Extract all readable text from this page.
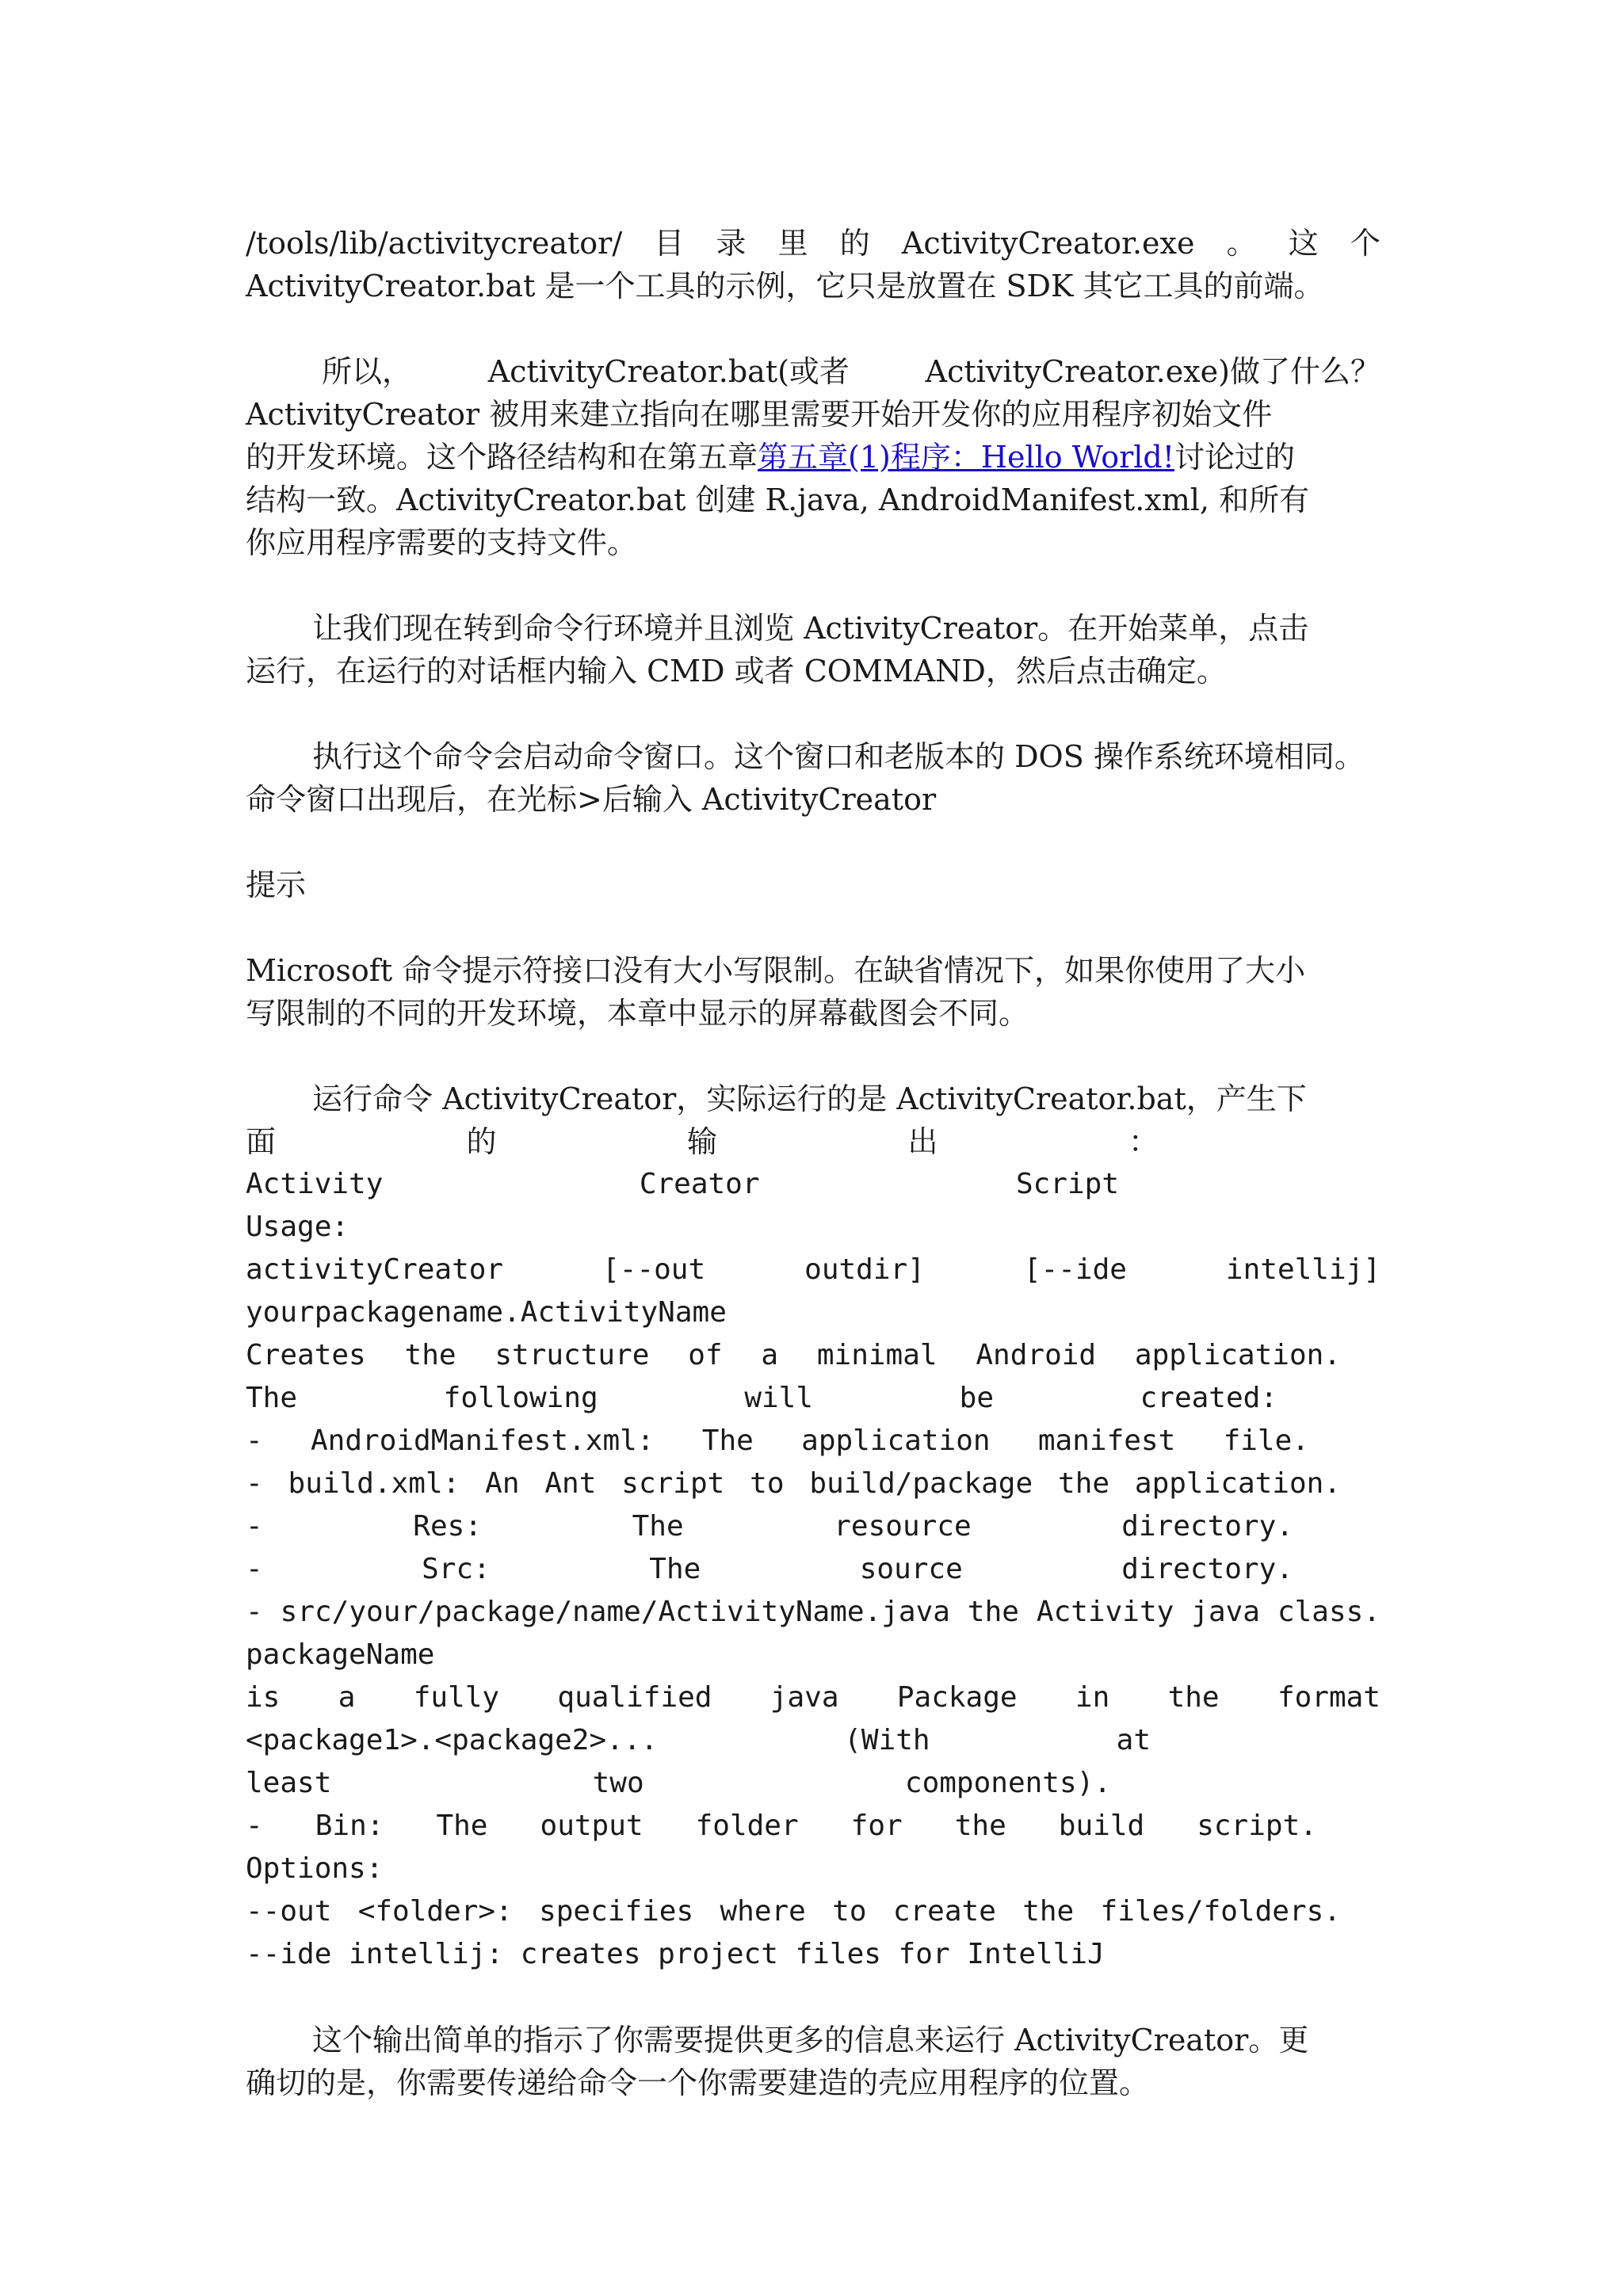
/tools/lib/activitycreator/ 目 录 里 的 ActivityCreator.exe 。 这 个
ActivityCreator.bat 是一个工具的示例，它只是放置在 SDK 其它工具的前端。
所以，	ActivityCreator.bat(或者	ActivityCreator.exe)做了什么？
ActivityCreator 被用来建立指向在哪里需要开始开发你的应用程序初始文件
的开发环境。这个路径结构和在第五章第五章(1)程序：Hello World!讨论过的
结构一致。ActivityCreator.bat 创建 R.java, AndroidManifest.xml, 和所有
你应用程序需要的支持文件。
让我们现在转到命令行环境并且浏览 ActivityCreator。在开始菜单，点击
运行，在运行的对话框内输入 CMD 或者 COMMAND，然后点击确定。
执行这个命令会启动命令窗口。这个窗口和老版本的 DOS 操作系统环境相同。
命令窗口出现后，在光标>后输入 ActivityCreator
提示
Microsoft 命令提示符接口没有大小写限制。在缺省情况下，如果你使用了大小
写限制的不同的开发环境，本章中显示的屏幕截图会不同。
运行命令 ActivityCreator，实际运行的是 ActivityCreator.bat，产生下
面	的	输	出	：
Activity	Creator	Script
Usage:
activityCreator	[--out	outdir]	[--ide	intellij]
yourpackagename.ActivityName
Creates the structure of a minimal Android application.
The	following	will	be	created:
- AndroidManifest.xml: The application manifest file.
- build.xml: An Ant script to build/package the application.
-	Res:	The	resource	directory.
-	Src:	The	source	directory.
- src/your/package/name/ActivityName.java the Activity java class.
packageName
is a fully qualified java Package in the format
<package1>.<package2>...	(With	at
least	two	components).
- Bin: The output folder for the build script.
Options:
--out <folder>: specifies where to create the files/folders.
--ide intellij: creates project files for IntelliJ
这个输出简单的指示了你需要提供更多的信息来运行 ActivityCreator。更
确切的是，你需要传递给命令一个你需要建造的壳应用程序的位置。
